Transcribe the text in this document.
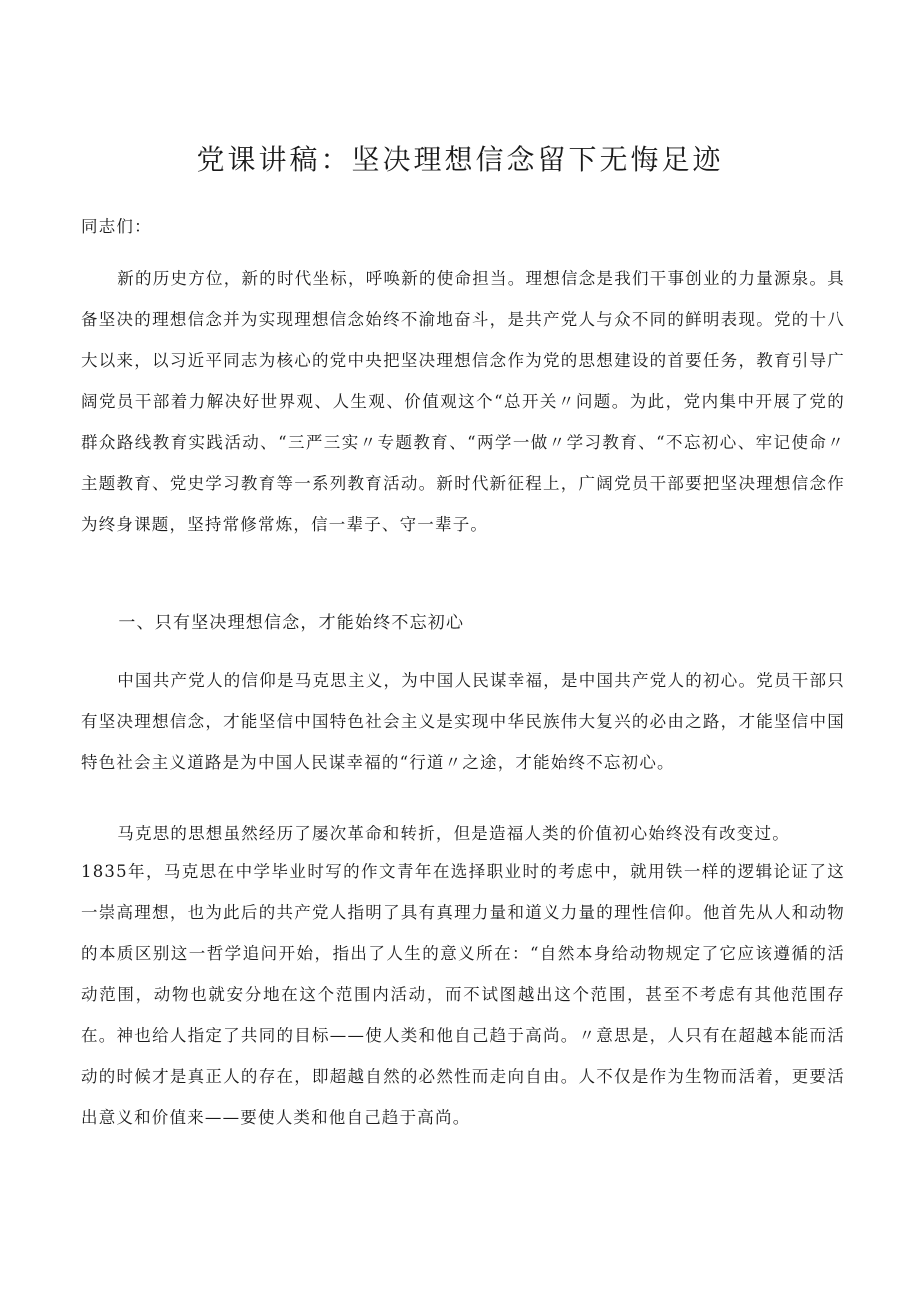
党课讲稿：坚决理想信念留下无悔足迹

同志们：

新的历史方位，新的时代坐标，呼唤新的使命担当。理想信念是我们干事创业的力量源泉。具备坚决的理想信念并为实现理想信念始终不渝地奋斗，是共产党人与众不同的鲜明表现。党的十八大以来，以习近平同志为核心的党中央把坚决理想信念作为党的思想建设的首要任务，教育引导广阔党员干部着力解决好世界观、人生观、价值观这个“总开关〃问题。为此，党内集中开展了党的群众路线教育实践活动、“三严三实〃专题教育、“两学一做〃学习教育、“不忘初心、牢记使命〃主题教育、党史学习教育等一系列教育活动。新时代新征程上，广阔党员干部要把坚决理想信念作为终身课题，坚持常修常炼，信一辈子、守一辈子。

一、只有坚决理想信念，才能始终不忘初心

中国共产党人的信仰是马克思主义，为中国人民谋幸福，是中国共产党人的初心。党员干部只有坚决理想信念，才能坚信中国特色社会主义是实现中华民族伟大复兴的必由之路，才能坚信中国特色社会主义道路是为中国人民谋幸福的“行道〃之途，才能始终不忘初心。

马克思的思想虽然经历了屡次革命和转折，但是造福人类的价值初心始终没有改变过。

1835年，马克思在中学毕业时写的作文青年在选择职业时的考虑中，就用铁一样的逻辑论证了这一崇高理想，也为此后的共产党人指明了具有真理力量和道义力量的理性信仰。他首先从人和动物的本质区别这一哲学追问开始，指出了人生的意义所在：“自然本身给动物规定了它应该遵循的活动范围，动物也就安分地在这个范围内活动，而不试图越出这个范围，甚至不考虑有其他范围存在。神也给人指定了共同的目标——使人类和他自己趋于高尚。〃意思是，人只有在超越本能而活动的时候才是真正人的存在，即超越自然的必然性而走向自由。人不仅是作为生物而活着，更要活出意义和价值来——要使人类和他自己趋于高尚。
